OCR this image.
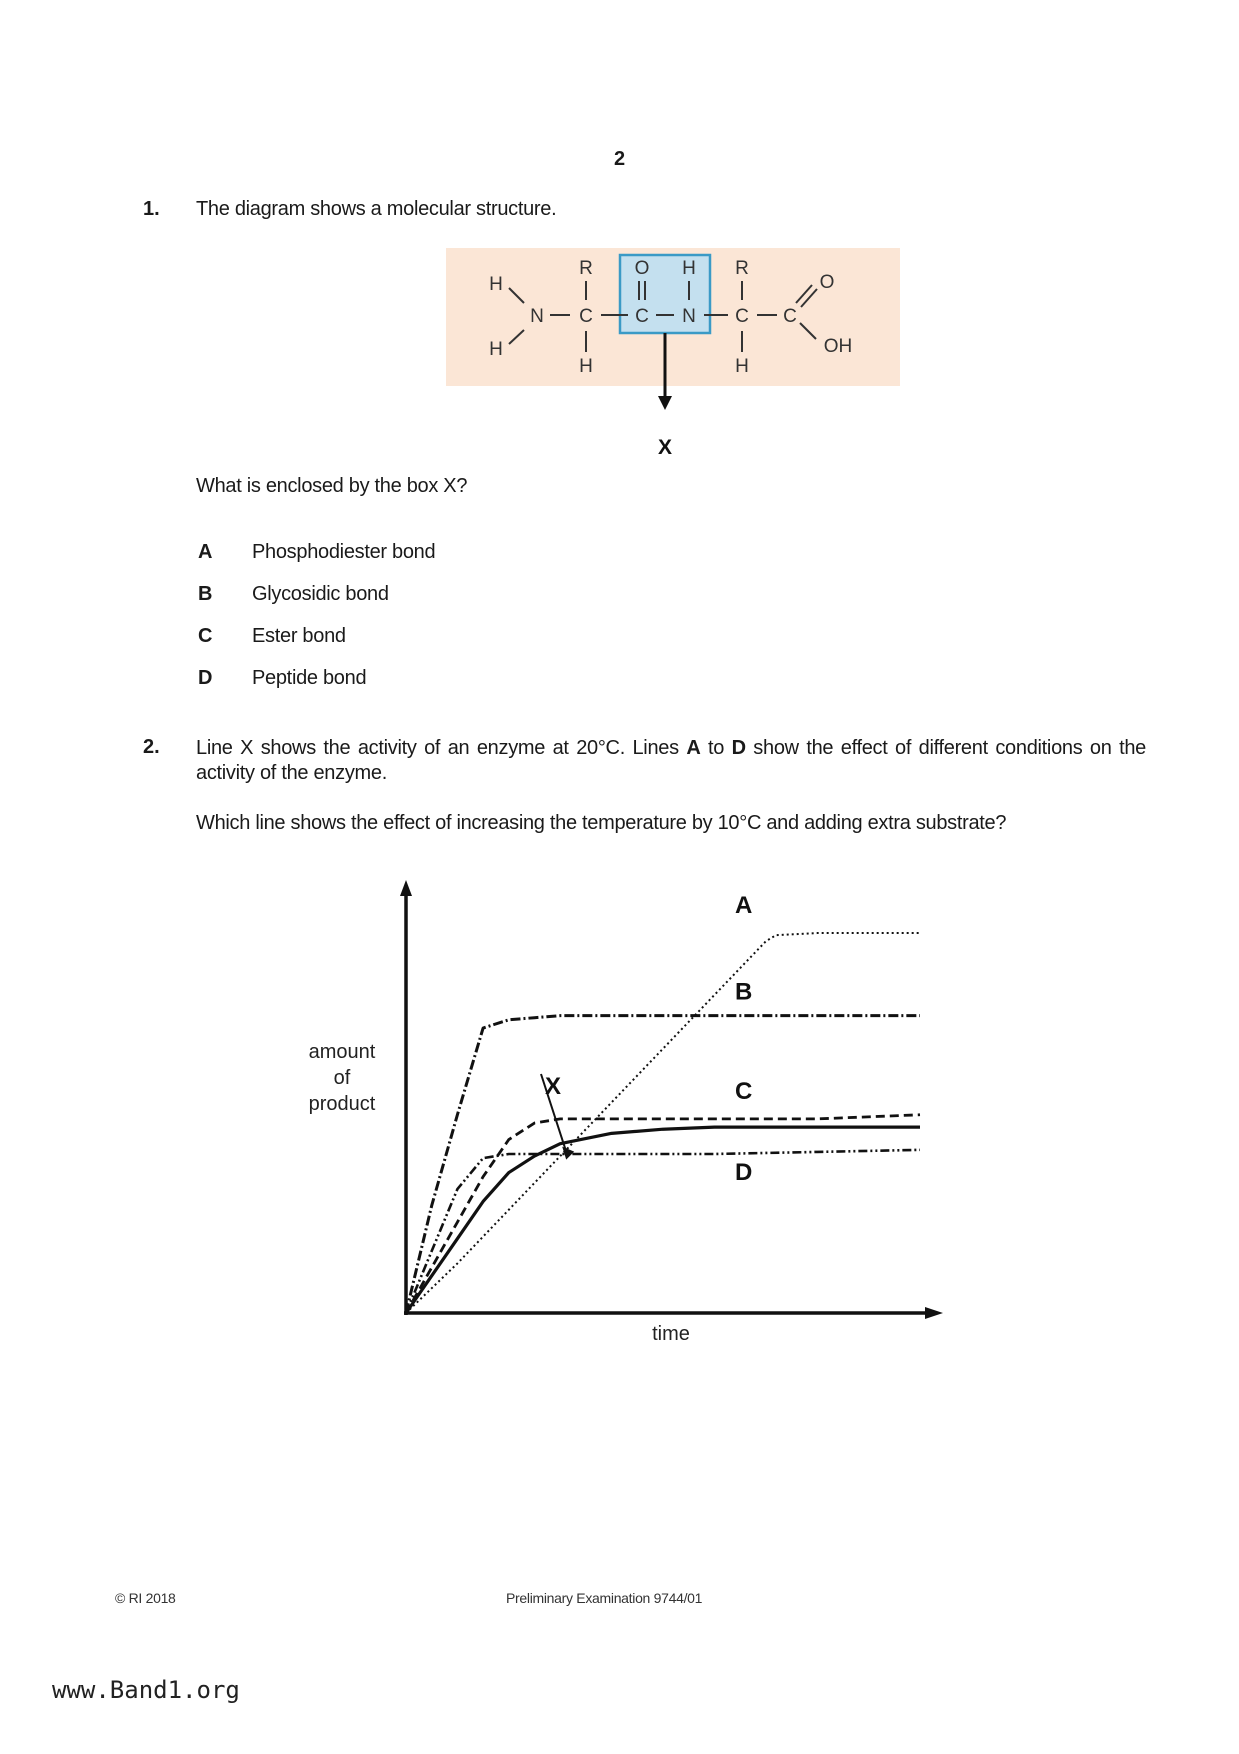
2
1. The diagram shows a molecular structure.
H
H
N
R
C
H
O
C
H
N
R
C
H
C
O
OH
X
What is enclosed by the box X?
A Phosphodiester bond
B Glycosidic bond
C Ester bond
D Peptide bond
2. Line X shows the activity of an enzyme at 20°C. Lines A to D show the effect of different conditions on the activity of the enzyme.
Which line shows the effect of increasing the temperature by 10°C and adding extra substrate?
amount
of
product
time
A
B
C
D
X
© RI 2018	Preliminary Examination 9744/01
www.Band1.org
